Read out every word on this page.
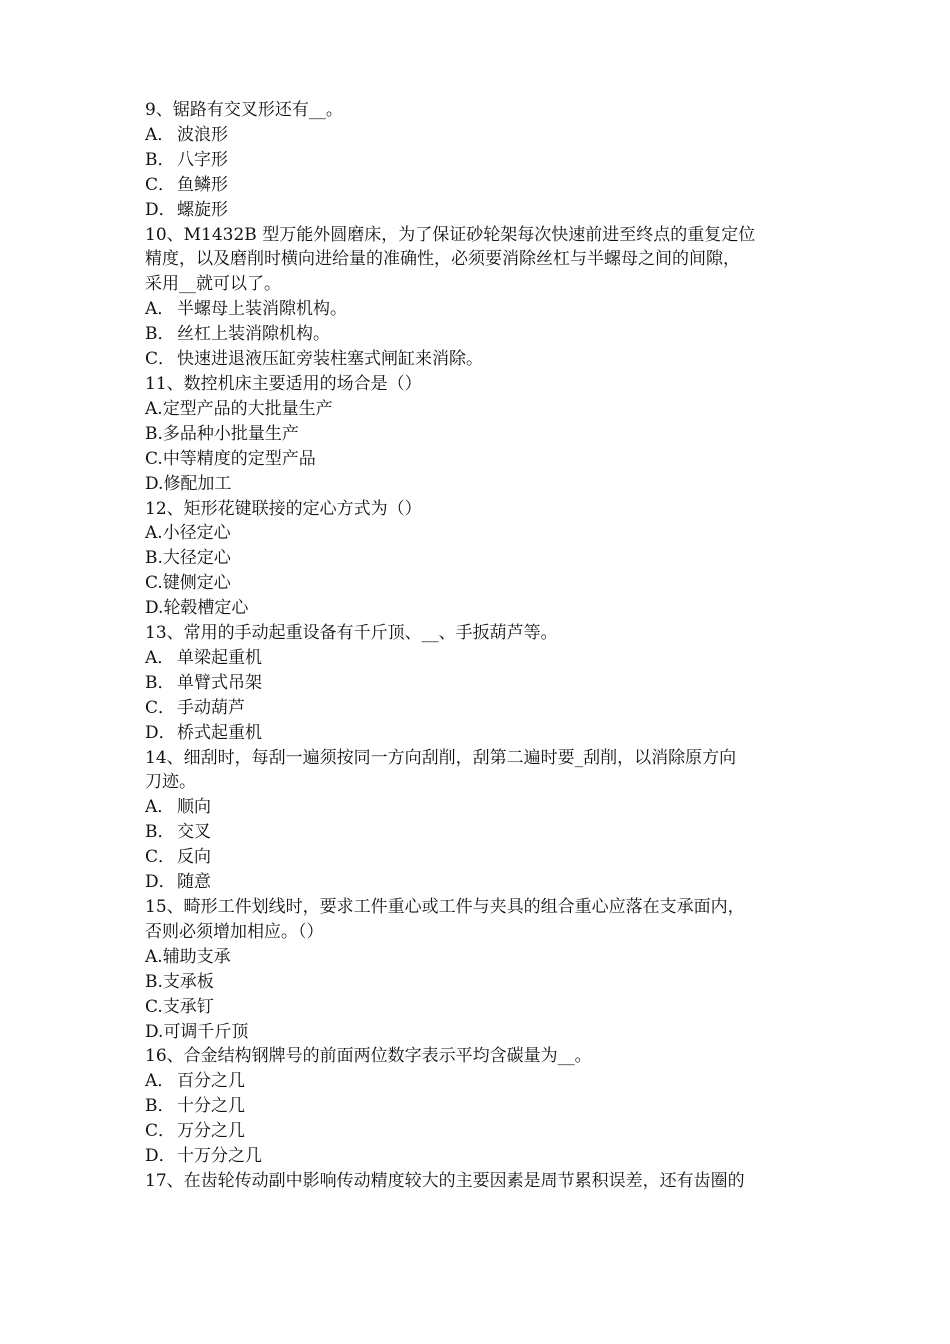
9、锯路有交叉形还有__。
A． 波浪形
B． 八字形
C． 鱼鳞形
D．螺旋形
10、M1432B 型万能外圆磨床，为了保证砂轮架每次快速前进至终点的重复定位
精度，以及磨削时横向进给量的准确性，必须要消除丝杠与半螺母之间的间隙，
采用__就可以了。
A． 半螺母上装消隙机构。
B． 丝杠上装消隙机构。
C． 快速进退液压缸旁装柱塞式闸缸来消除。
11、数控机床主要适用的场合是（）
A.定型产品的大批量生产
B.多品种小批量生产
C.中等精度的定型产品
D.修配加工
12、矩形花键联接的定心方式为（）
A.小径定心
B.大径定心
C.键侧定心
D.轮毂槽定心
13、常用的手动起重设备有千斤顶、__、手扳葫芦等。
A． 单梁起重机
B． 单臂式吊架
C． 手动葫芦
D．桥式起重机
14、细刮时，每刮一遍须按同一方向刮削，刮第二遍时要_刮削，以消除原方向
刀迹。
A． 顺向
B． 交叉
C． 反向
D．随意
15、畸形工件划线时，要求工件重心或工件与夹具的组合重心应落在支承面内，
否则必须增加相应。（）
A.辅助支承
B.支承板
C.支承钉
D.可调千斤顶
16、合金结构钢牌号的前面两位数字表示平均含碳量为__。
A． 百分之几
B． 十分之几
C． 万分之几
D．十万分之几
17、在齿轮传动副中影响传动精度较大的主要因素是周节累积误差，还有齿圈的
